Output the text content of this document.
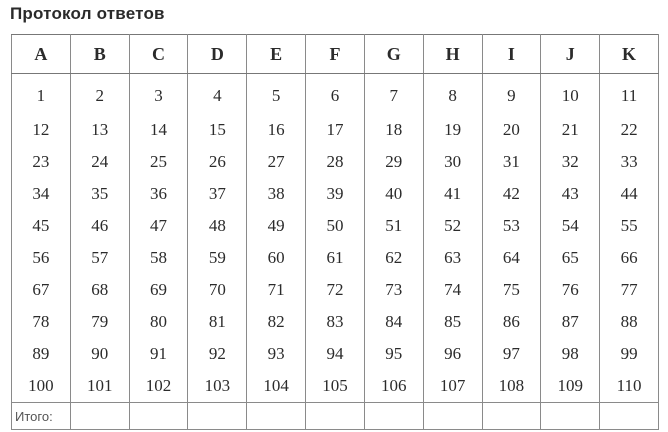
Протокол ответов
A	B	C	D	E	F	G	H	I	J	K
1	2	3	4	5	6	7	8	9	10	11
12	13	14	15	16	17	18	19	20	21	22
23	24	25	26	27	28	29	30	31	32	33
34	35	36	37	38	39	40	41	42	43	44
45	46	47	48	49	50	51	52	53	54	55
56	57	58	59	60	61	62	63	64	65	66
67	68	69	70	71	72	73	74	75	76	77
78	79	80	81	82	83	84	85	86	87	88
89	90	91	92	93	94	95	96	97	98	99
100	101	102	103	104	105	106	107	108	109	110
Итого:										
